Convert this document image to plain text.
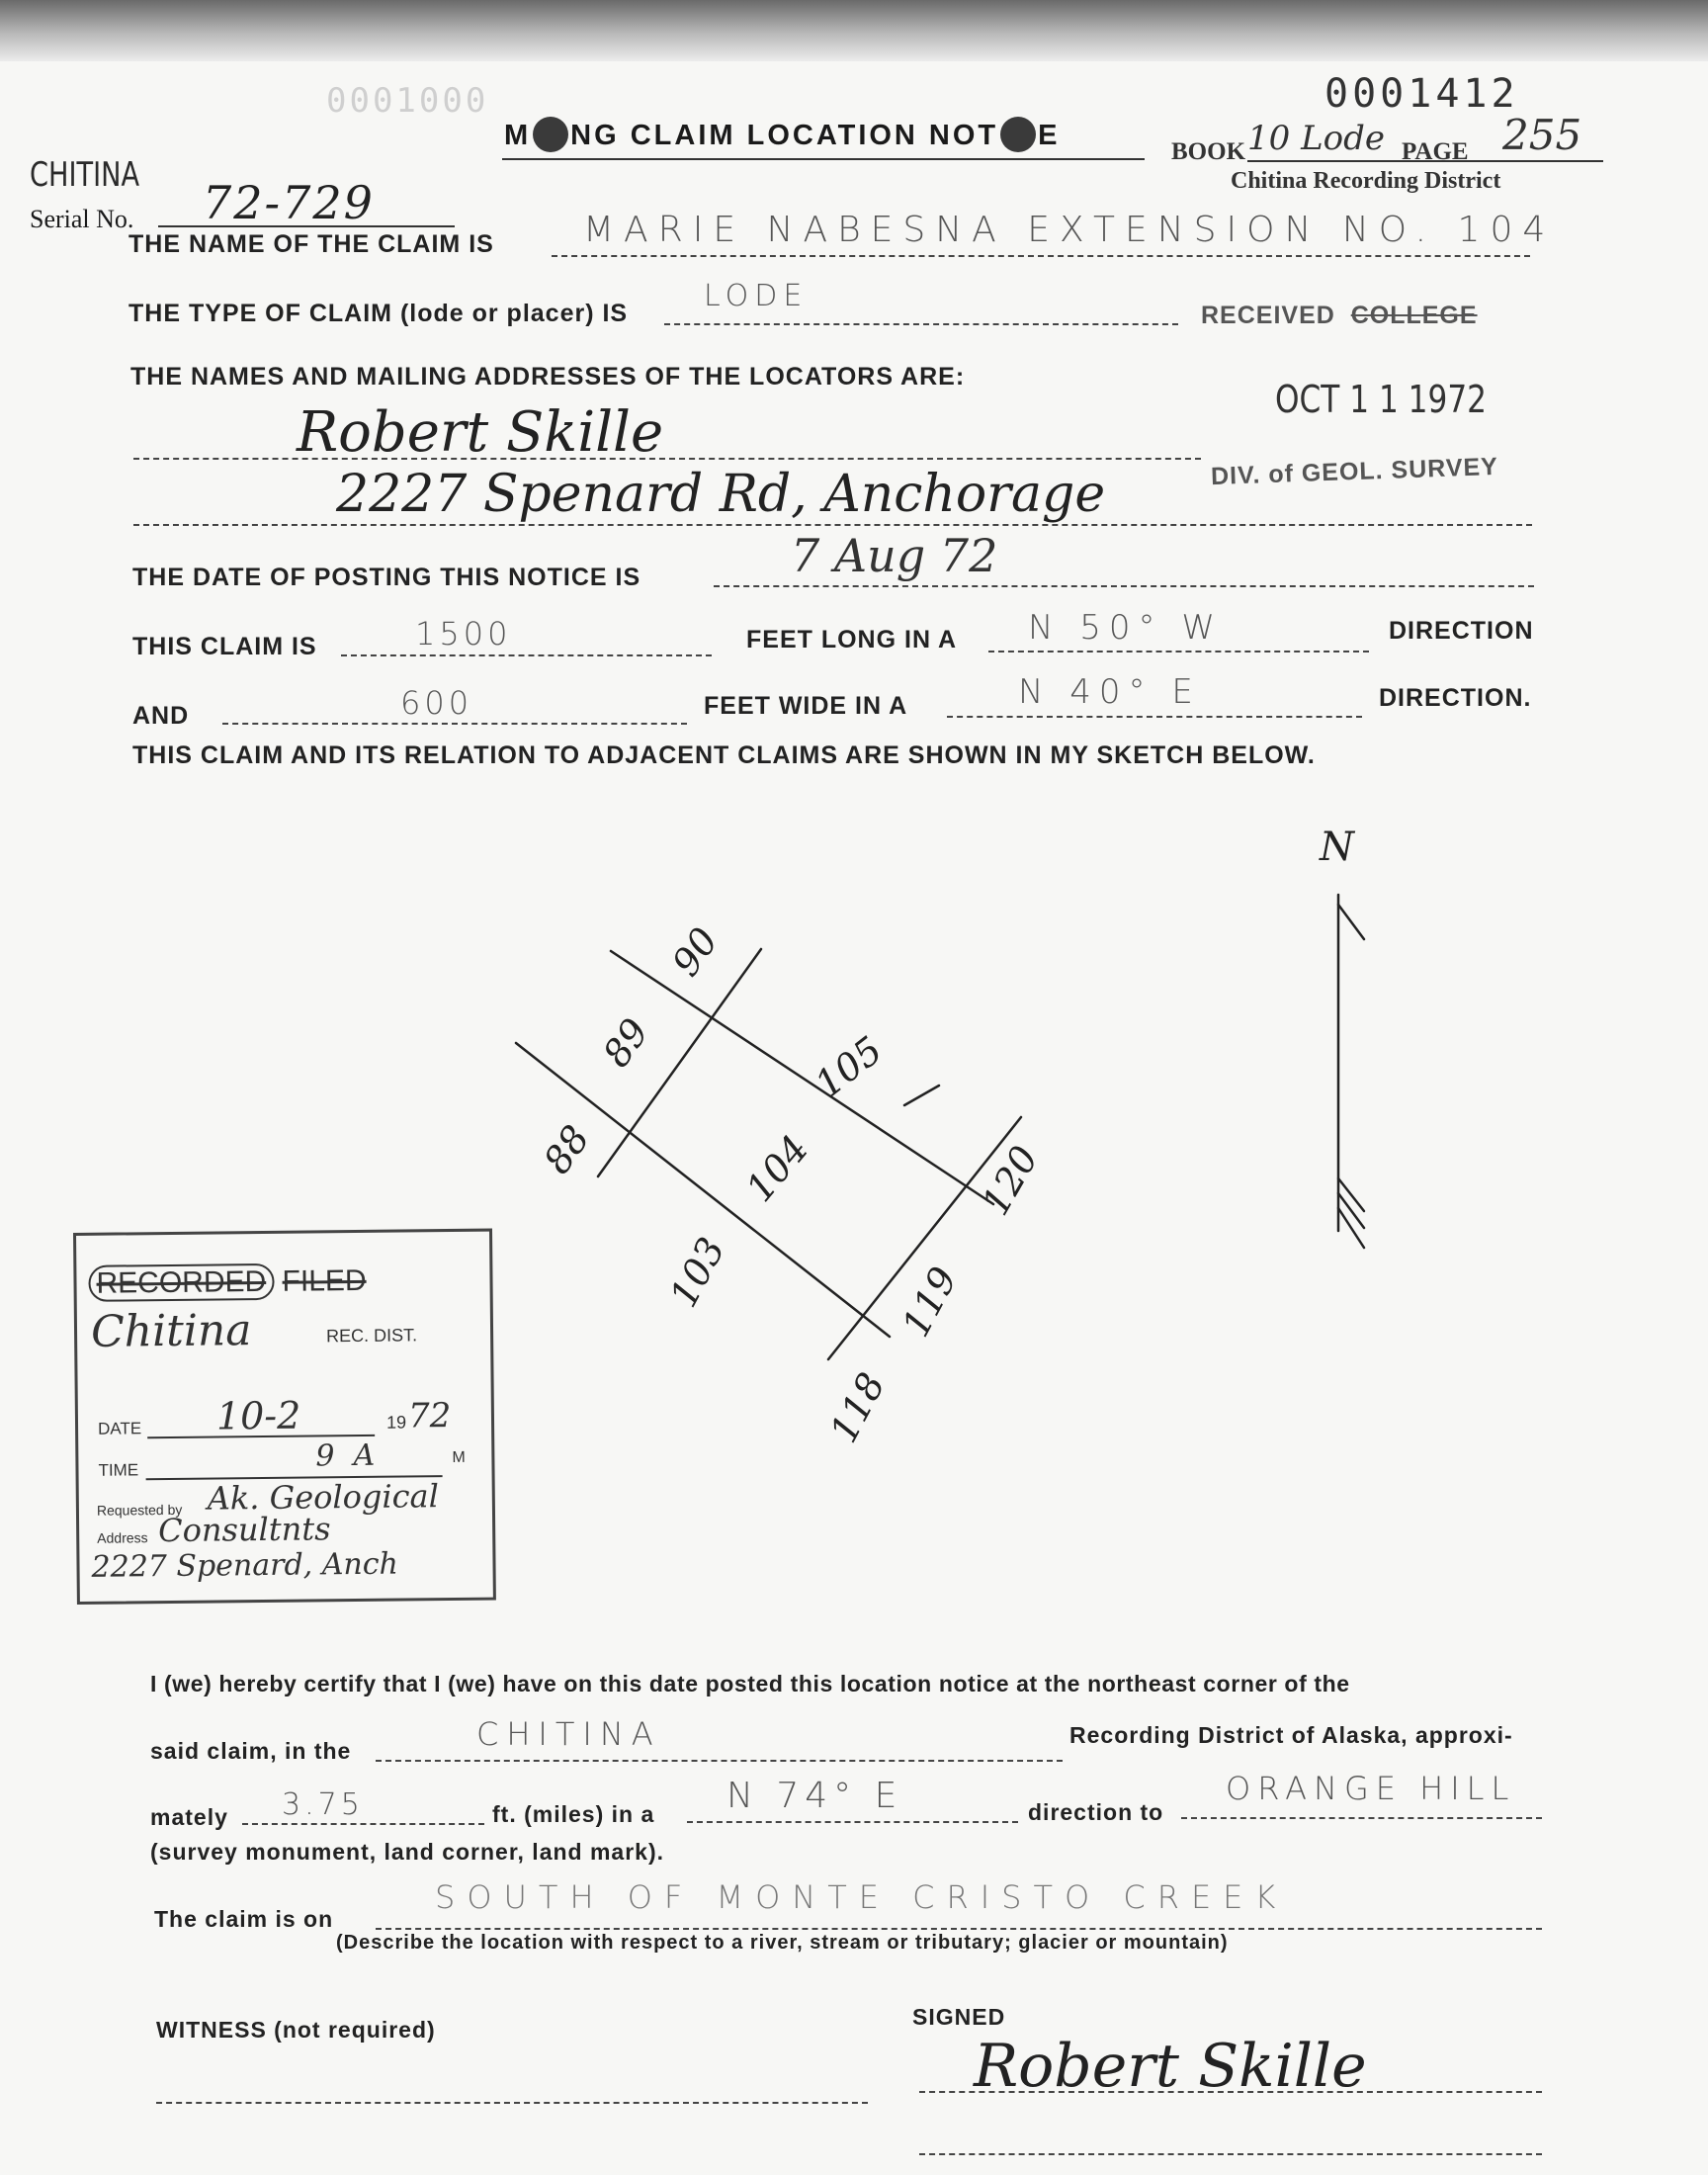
0001412
0001000
M NG CLAIM LOCATION NOT E
CHITINA
Serial No. 72-729
BOOK 10 Lode PAGE 255
Chitina Recording District
RECEIVED COLLEGE
OCT 1 1 1972
DIV. of GEOL. SURVEY
THE NAME OF THE CLAIM IS	MARIE NABESNA EXTENSION NO. 104
THE TYPE OF CLAIM (lode or placer) IS	LODE
THE NAMES AND MAILING ADDRESSES OF THE LOCATORS ARE:
Robert Skille
2227 Spenard Rd, Anchorage
THE DATE OF POSTING THIS NOTICE IS	7 Aug 72
THIS CLAIM IS	1500	FEET LONG IN A N 50° W	DIRECTION
AND	600	FEET WIDE IN A	N 40° E	DIRECTION.
THIS CLAIM AND ITS RELATION TO ADJACENT CLAIMS ARE SHOWN IN MY SKETCH BELOW.
N
90
89
88
105
104
103
120
119
118
RECORDED FILED
Chitina	REC. DIST.
DATE 10-2	19 72
TIME	9  A	M
Requested by Ak. Geological
Address Consultnts
2227 Spenard, Anch
I (we) hereby certify that I (we) have on this date posted this location notice at the northeast corner of the
said claim, in the	CHITINA	Recording District of Alaska, approxi-
mately 3.75	ft. (miles) in a N 74° E	direction to
ORANGE HILL
(survey monument, land corner, land mark).
The claim is on
SOUTH OF MONTE CRISTO CREEK
(Describe the location with respect to a river, stream or tributary; glacier or mountain)
WITNESS (not required)	SIGNED
Robert Skille
